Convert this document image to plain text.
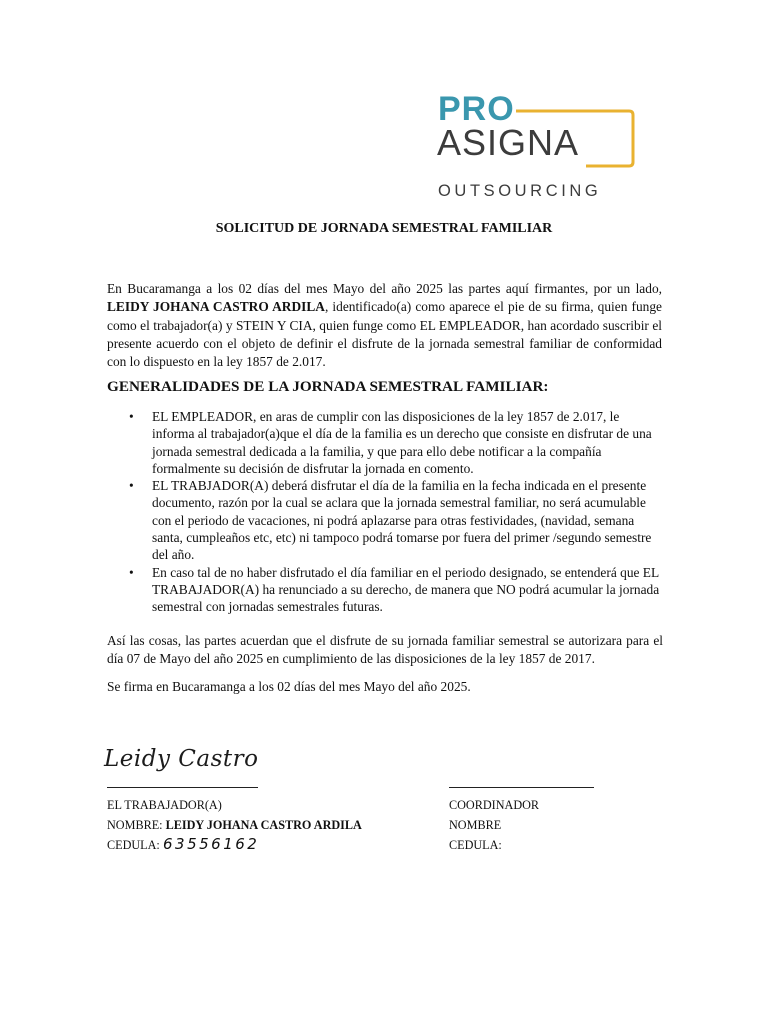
PRO
ASIGNA
OUTSOURCING
SOLICITUD DE JORNADA SEMESTRAL FAMILIAR

En Bucaramanga a los 02 días del mes Mayo del año 2025 las partes aquí firmantes, por un lado, LEIDY JOHANA CASTRO ARDILA, identificado(a) como aparece el pie de su firma, quien funge como el trabajador(a) y STEIN Y CIA, quien funge como EL EMPLEADOR, han acordado suscribir el presente acuerdo con el objeto de definir el disfrute de la jornada semestral familiar de conformidad con lo dispuesto en la ley 1857 de 2.017.

GENERALIDADES DE LA JORNADA SEMESTRAL FAMILIAR:
• EL EMPLEADOR, en aras de cumplir con las disposiciones de la ley 1857 de 2.017, le informa al trabajador(a)que el día de la familia es un derecho que consiste en disfrutar de una jornada semestral dedicada a la familia, y que para ello debe notificar a la compañía formalmente su decisión de disfrutar la jornada en comento.
• EL TRABJADOR(A) deberá disfrutar el día de la familia en la fecha indicada en el presente documento, razón por la cual se aclara que la jornada semestral familiar, no será acumulable con el periodo de vacaciones, ni podrá aplazarse para otras festividades, (navidad, semana santa, cumpleaños etc, etc) ni tampoco podrá tomarse por fuera del primer /segundo semestre del año.
• En caso tal de no haber disfrutado el día familiar en el periodo designado, se entenderá que EL TRABAJADOR(A) ha renunciado a su derecho, de manera que NO podrá acumular la jornada semestral con jornadas semestrales futuras.

Así las cosas, las partes acuerdan que el disfrute de su jornada familiar semestral se autorizara para el día 07 de Mayo del año 2025 en cumplimiento de las disposiciones de la ley 1857 de 2017.

Se firma en Bucaramanga a los 02 días del mes Mayo del año 2025.

Leidy Castro

EL TRABAJADOR(A)

NOMBRE: LEIDY JOHANA CASTRO ARDILA

CEDULA: 63556162

COORDINADOR

NOMBRE

CEDULA:
